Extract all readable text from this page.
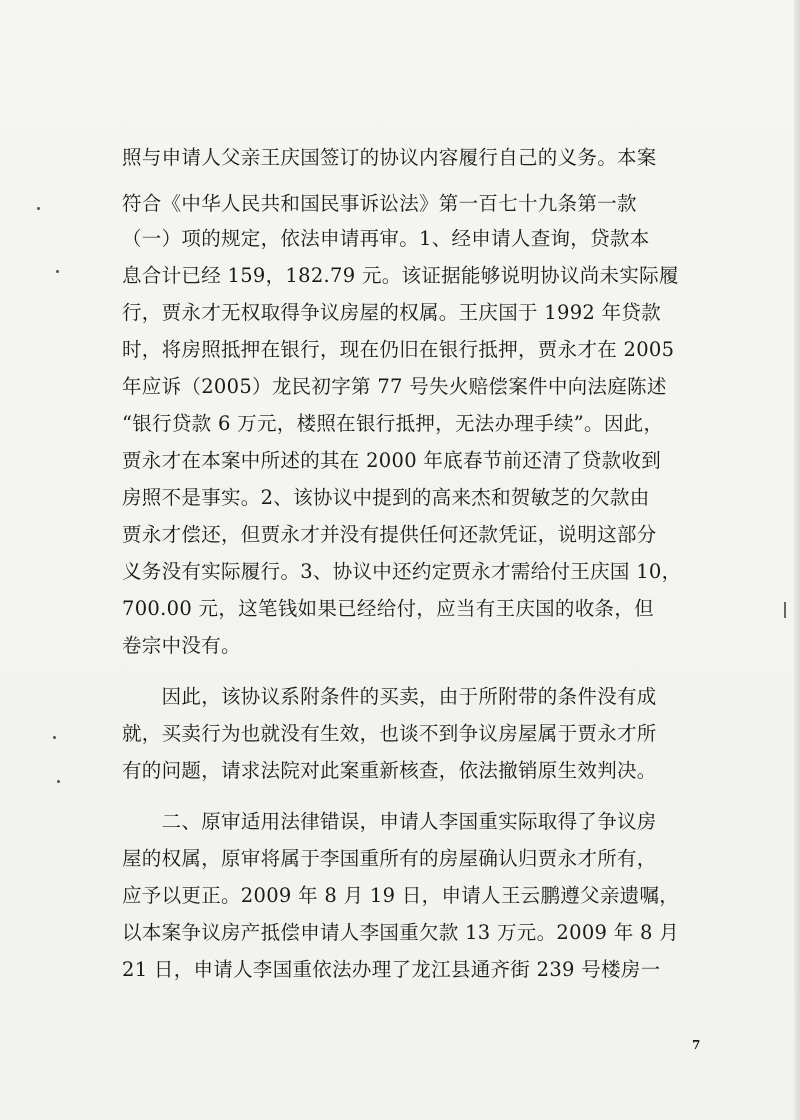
照与申请人父亲王庆国签订的协议内容履行自己的义务。本案
符合《中华人民共和国民事诉讼法》第一百七十九条第一款
（一）项的规定，依法申请再审。1、经申请人查询，贷款本
息合计已经 159，182.79 元。该证据能够说明协议尚未实际履
行，贾永才无权取得争议房屋的权属。王庆国于 1992 年贷款
时，将房照抵押在银行，现在仍旧在银行抵押，贾永才在 2005
年应诉（2005）龙民初字第 77 号失火赔偿案件中向法庭陈述
“银行贷款 6 万元，楼照在银行抵押，无法办理手续”。因此，
贾永才在本案中所述的其在 2000 年底春节前还清了贷款收到
房照不是事实。2、该协议中提到的高来杰和贺敏芝的欠款由
贾永才偿还，但贾永才并没有提供任何还款凭证，说明这部分
义务没有实际履行。3、协议中还约定贾永才需给付王庆国 10，
700.00 元，这笔钱如果已经给付，应当有王庆国的收条，但
卷宗中没有。
　　因此，该协议系附条件的买卖，由于所附带的条件没有成
就，买卖行为也就没有生效，也谈不到争议房屋属于贾永才所
有的问题，请求法院对此案重新核查，依法撤销原生效判决。
　　二、原审适用法律错误，申请人李国重实际取得了争议房
屋的权属，原审将属于李国重所有的房屋确认归贾永才所有，
应予以更正。2009 年 8 月 19 日，申请人王云鹏遵父亲遗嘱，
以本案争议房产抵偿申请人李国重欠款 13 万元。2009 年 8 月
21 日，申请人李国重依法办理了龙江县通齐街 239 号楼房一
7
